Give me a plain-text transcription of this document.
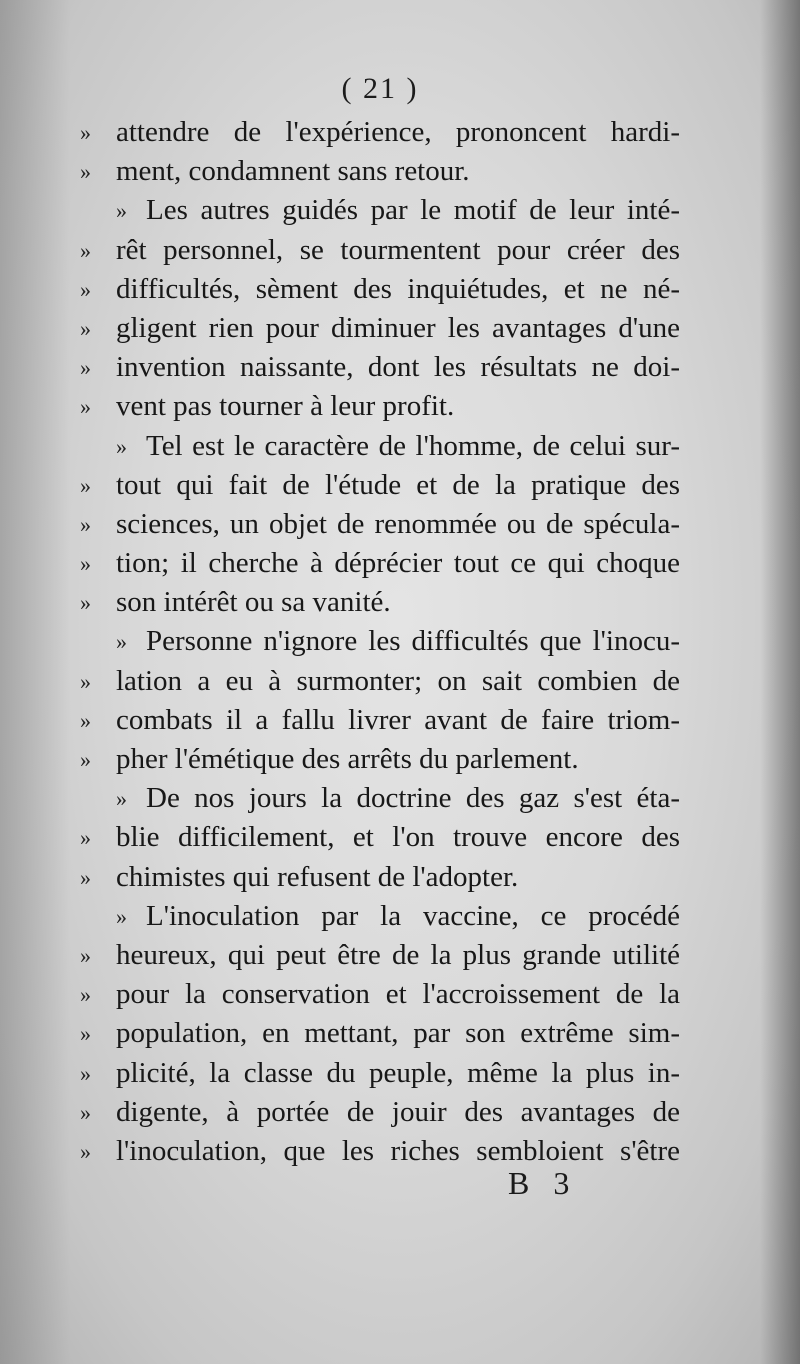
( 21 )
» attendre de l'expérience, prononcent hardi-
» ment, condamnent sans retour.
» Les autres guidés par le motif de leur inté-
» rêt personnel, se tourmentent pour créer des
» difficultés, sèment des inquiétudes, et ne né-
» gligent rien pour diminuer les avantages d'une
» invention naissante, dont les résultats ne doi-
» vent pas tourner à leur profit.
» Tel est le caractère de l'homme, de celui sur-
» tout qui fait de l'étude et de la pratique des
» sciences, un objet de renommée ou de spécula-
» tion; il cherche à déprécier tout ce qui choque
» son intérêt ou sa vanité.
» Personne n'ignore les difficultés que l'inocu-
» lation a eu à surmonter; on sait combien de
» combats il a fallu livrer avant de faire triom-
» pher l'émétique des arrêts du parlement.
» De nos jours la doctrine des gaz s'est éta-
» blie difficilement, et l'on trouve encore des
» chimistes qui refusent de l'adopter.
» L'inoculation par la vaccine, ce procédé
» heureux, qui peut être de la plus grande utilité
» pour la conservation et l'accroissement de la
» population, en mettant, par son extrême sim-
» plicité, la classe du peuple, même la plus in-
» digente, à portée de jouir des avantages de
» l'inoculation, que les riches sembloient s'être
B 3
